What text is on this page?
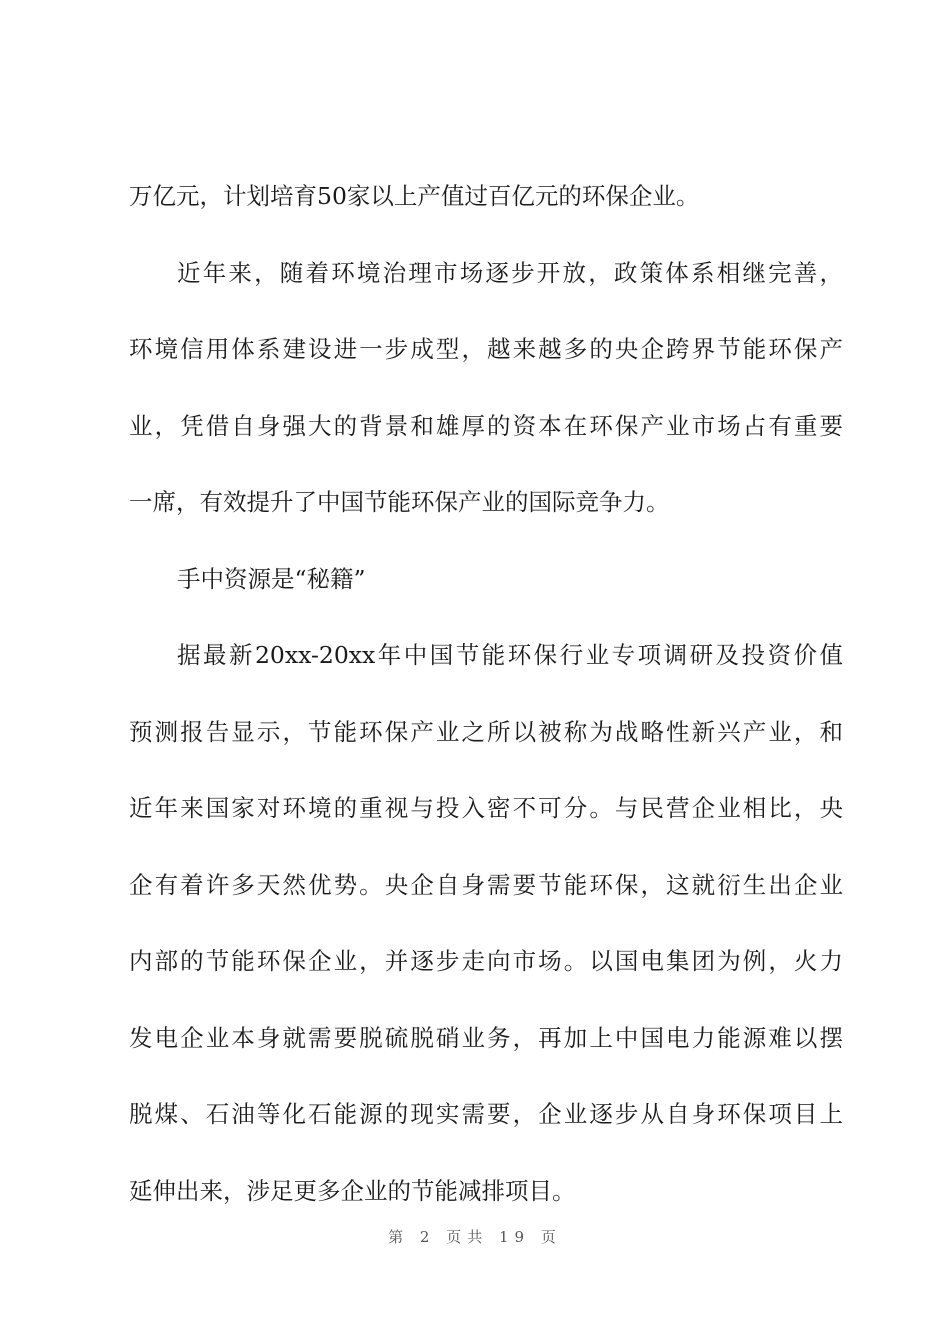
万亿元，计划培育50家以上产值过百亿元的环保企业。
近年来，随着环境治理市场逐步开放，政策体系相继完善，
环境信用体系建设进一步成型，越来越多的央企跨界节能环保产
业，凭借自身强大的背景和雄厚的资本在环保产业市场占有重要
一席，有效提升了中国节能环保产业的国际竞争力。
手中资源是“秘籍”
据最新20xx-20xx年中国节能环保行业专项调研及投资价值
预测报告显示，节能环保产业之所以被称为战略性新兴产业，和
近年来国家对环境的重视与投入密不可分。与民营企业相比，央
企有着许多天然优势。央企自身需要节能环保，这就衍生出企业
内部的节能环保企业，并逐步走向市场。以国电集团为例，火力
发电企业本身就需要脱硫脱硝业务，再加上中国电力能源难以摆
脱煤、石油等化石能源的现实需要，企业逐步从自身环保项目上
延伸出来，涉足更多企业的节能减排项目。
第 2 页共 19 页
